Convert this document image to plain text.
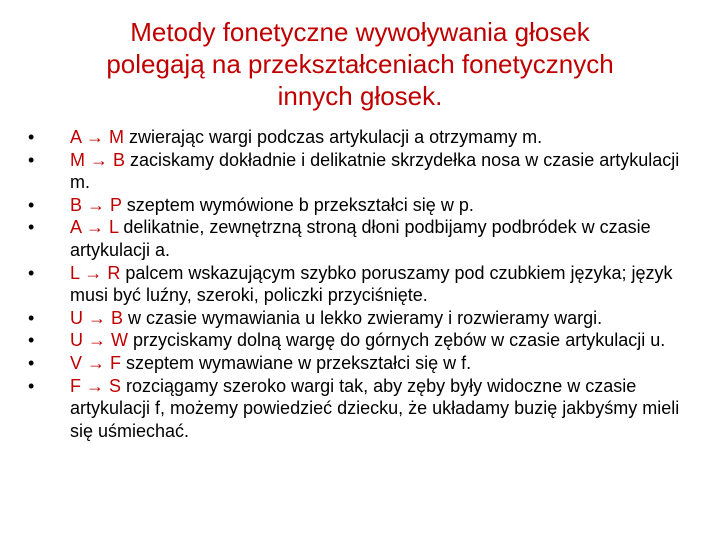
Metody fonetyczne wywoływania głosek
polegają na przekształceniach fonetycznych
innych głosek.
• A → M zwierając wargi podczas artykulacji a otrzymamy m.
• M → B zaciskamy dokładnie i delikatnie skrzydełka nosa w czasie artykulacji m.
• B → P szeptem wymówione b przekształci się w p.
• A → L delikatnie, zewnętrzną stroną dłoni podbijamy podbródek w czasie artykulacji a.
• L → R palcem wskazującym szybko poruszamy pod czubkiem języka; język musi być luźny, szeroki, policzki przyciśnięte.
• U → B w czasie wymawiania u lekko zwieramy i rozwieramy wargi.
• U → W przyciskamy dolną wargę do górnych zębów w czasie artykulacji u.
• V → F szeptem wymawiane w przekształci się w f.
• F → S rozciągamy szeroko wargi tak, aby zęby były widoczne w czasie artykulacji f, możemy powiedzieć dziecku, że układamy buzię jakbyśmy mieli się uśmiechać.
